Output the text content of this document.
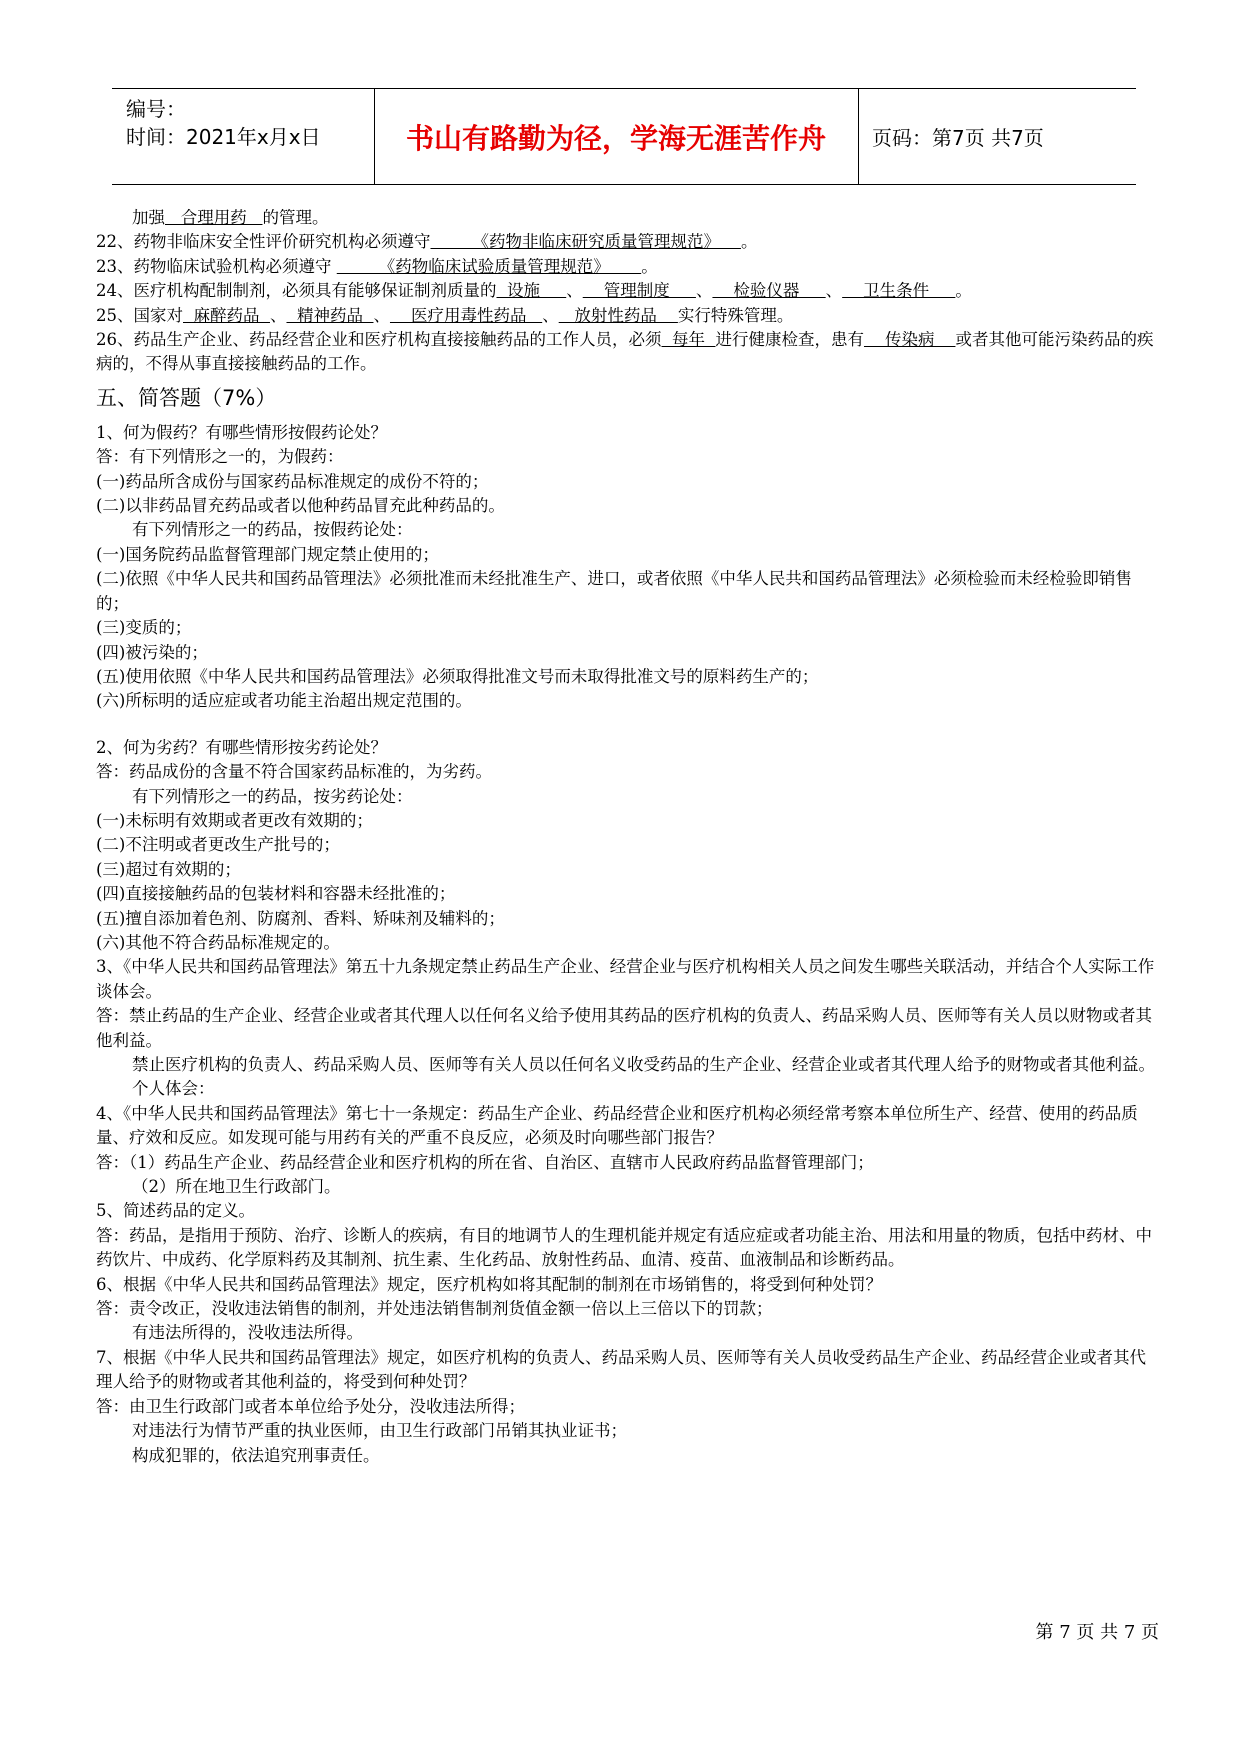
编号：
时间：2021年x月x日	书山有路勤为径，学海无涯苦作舟	页码：第7页 共7页
加强   合理用药   的管理。
22、药物非临床安全性评价研究机构必须遵守        《药物非临床研究质量管理规范》    。
23、药物临床试验机构必须遵守         《药物临床试验质量管理规范》      。
24、医疗机构配制制剂，必须具有能够保证制剂质量的  设施     、    管理制度     、    检验仪器     、    卫生条件     。
25、国家对  麻醉药品  、  精神药品  、    医疗用毒性药品   、   放射性药品    实行特殊管理。
26、药品生产企业、药品经营企业和医疗机构直接接触药品的工作人员，必须  每年  进行健康检查，患有    传染病    或者其他可能污染药品的疾病的，不得从事直接接触药品的工作。
五、简答题（7%）
1、何为假药？有哪些情形按假药论处？
答：有下列情形之一的，为假药：
(一)药品所含成份与国家药品标准规定的成份不符的；
(二)以非药品冒充药品或者以他种药品冒充此种药品的。
有下列情形之一的药品，按假药论处：
(一)国务院药品监督管理部门规定禁止使用的；
(二)依照《中华人民共和国药品管理法》必须批准而未经批准生产、进口，或者依照《中华人民共和国药品管理法》必须检验而未经检验即销售的；
(三)变质的；
(四)被污染的；
(五)使用依照《中华人民共和国药品管理法》必须取得批准文号而未取得批准文号的原料药生产的；
(六)所标明的适应症或者功能主治超出规定范围的。
2、何为劣药？有哪些情形按劣药论处？
答：药品成份的含量不符合国家药品标准的，为劣药。
有下列情形之一的药品，按劣药论处：
(一)未标明有效期或者更改有效期的；
(二)不注明或者更改生产批号的；
(三)超过有效期的；
(四)直接接触药品的包装材料和容器未经批准的；
(五)擅自添加着色剂、防腐剂、香料、矫味剂及辅料的；
(六)其他不符合药品标准规定的。
3、《中华人民共和国药品管理法》第五十九条规定禁止药品生产企业、经营企业与医疗机构相关人员之间发生哪些关联活动，并结合个人实际工作谈体会。
答：禁止药品的生产企业、经营企业或者其代理人以任何名义给予使用其药品的医疗机构的负责人、药品采购人员、医师等有关人员以财物或者其他利益。
禁止医疗机构的负责人、药品采购人员、医师等有关人员以任何名义收受药品的生产企业、经营企业或者其代理人给予的财物或者其他利益。
个人体会：
4、《中华人民共和国药品管理法》第七十一条规定：药品生产企业、药品经营企业和医疗机构必须经常考察本单位所生产、经营、使用的药品质量、疗效和反应。如发现可能与用药有关的严重不良反应，必须及时向哪些部门报告？
答：（1）药品生产企业、药品经营企业和医疗机构的所在省、自治区、直辖市人民政府药品监督管理部门；
（2）所在地卫生行政部门。
5、简述药品的定义。
答：药品，是指用于预防、治疗、诊断人的疾病，有目的地调节人的生理机能并规定有适应症或者功能主治、用法和用量的物质，包括中药材、中药饮片、中成药、化学原料药及其制剂、抗生素、生化药品、放射性药品、血清、疫苗、血液制品和诊断药品。
6、根据《中华人民共和国药品管理法》规定，医疗机构如将其配制的制剂在市场销售的，将受到何种处罚？
答：责令改正，没收违法销售的制剂，并处违法销售制剂货值金额一倍以上三倍以下的罚款；
有违法所得的，没收违法所得。
7、根据《中华人民共和国药品管理法》规定，如医疗机构的负责人、药品采购人员、医师等有关人员收受药品生产企业、药品经营企业或者其代理人给予的财物或者其他利益的，将受到何种处罚？
答：由卫生行政部门或者本单位给予处分，没收违法所得；
对违法行为情节严重的执业医师，由卫生行政部门吊销其执业证书；
构成犯罪的，依法追究刑事责任。
第 7 页 共 7 页
